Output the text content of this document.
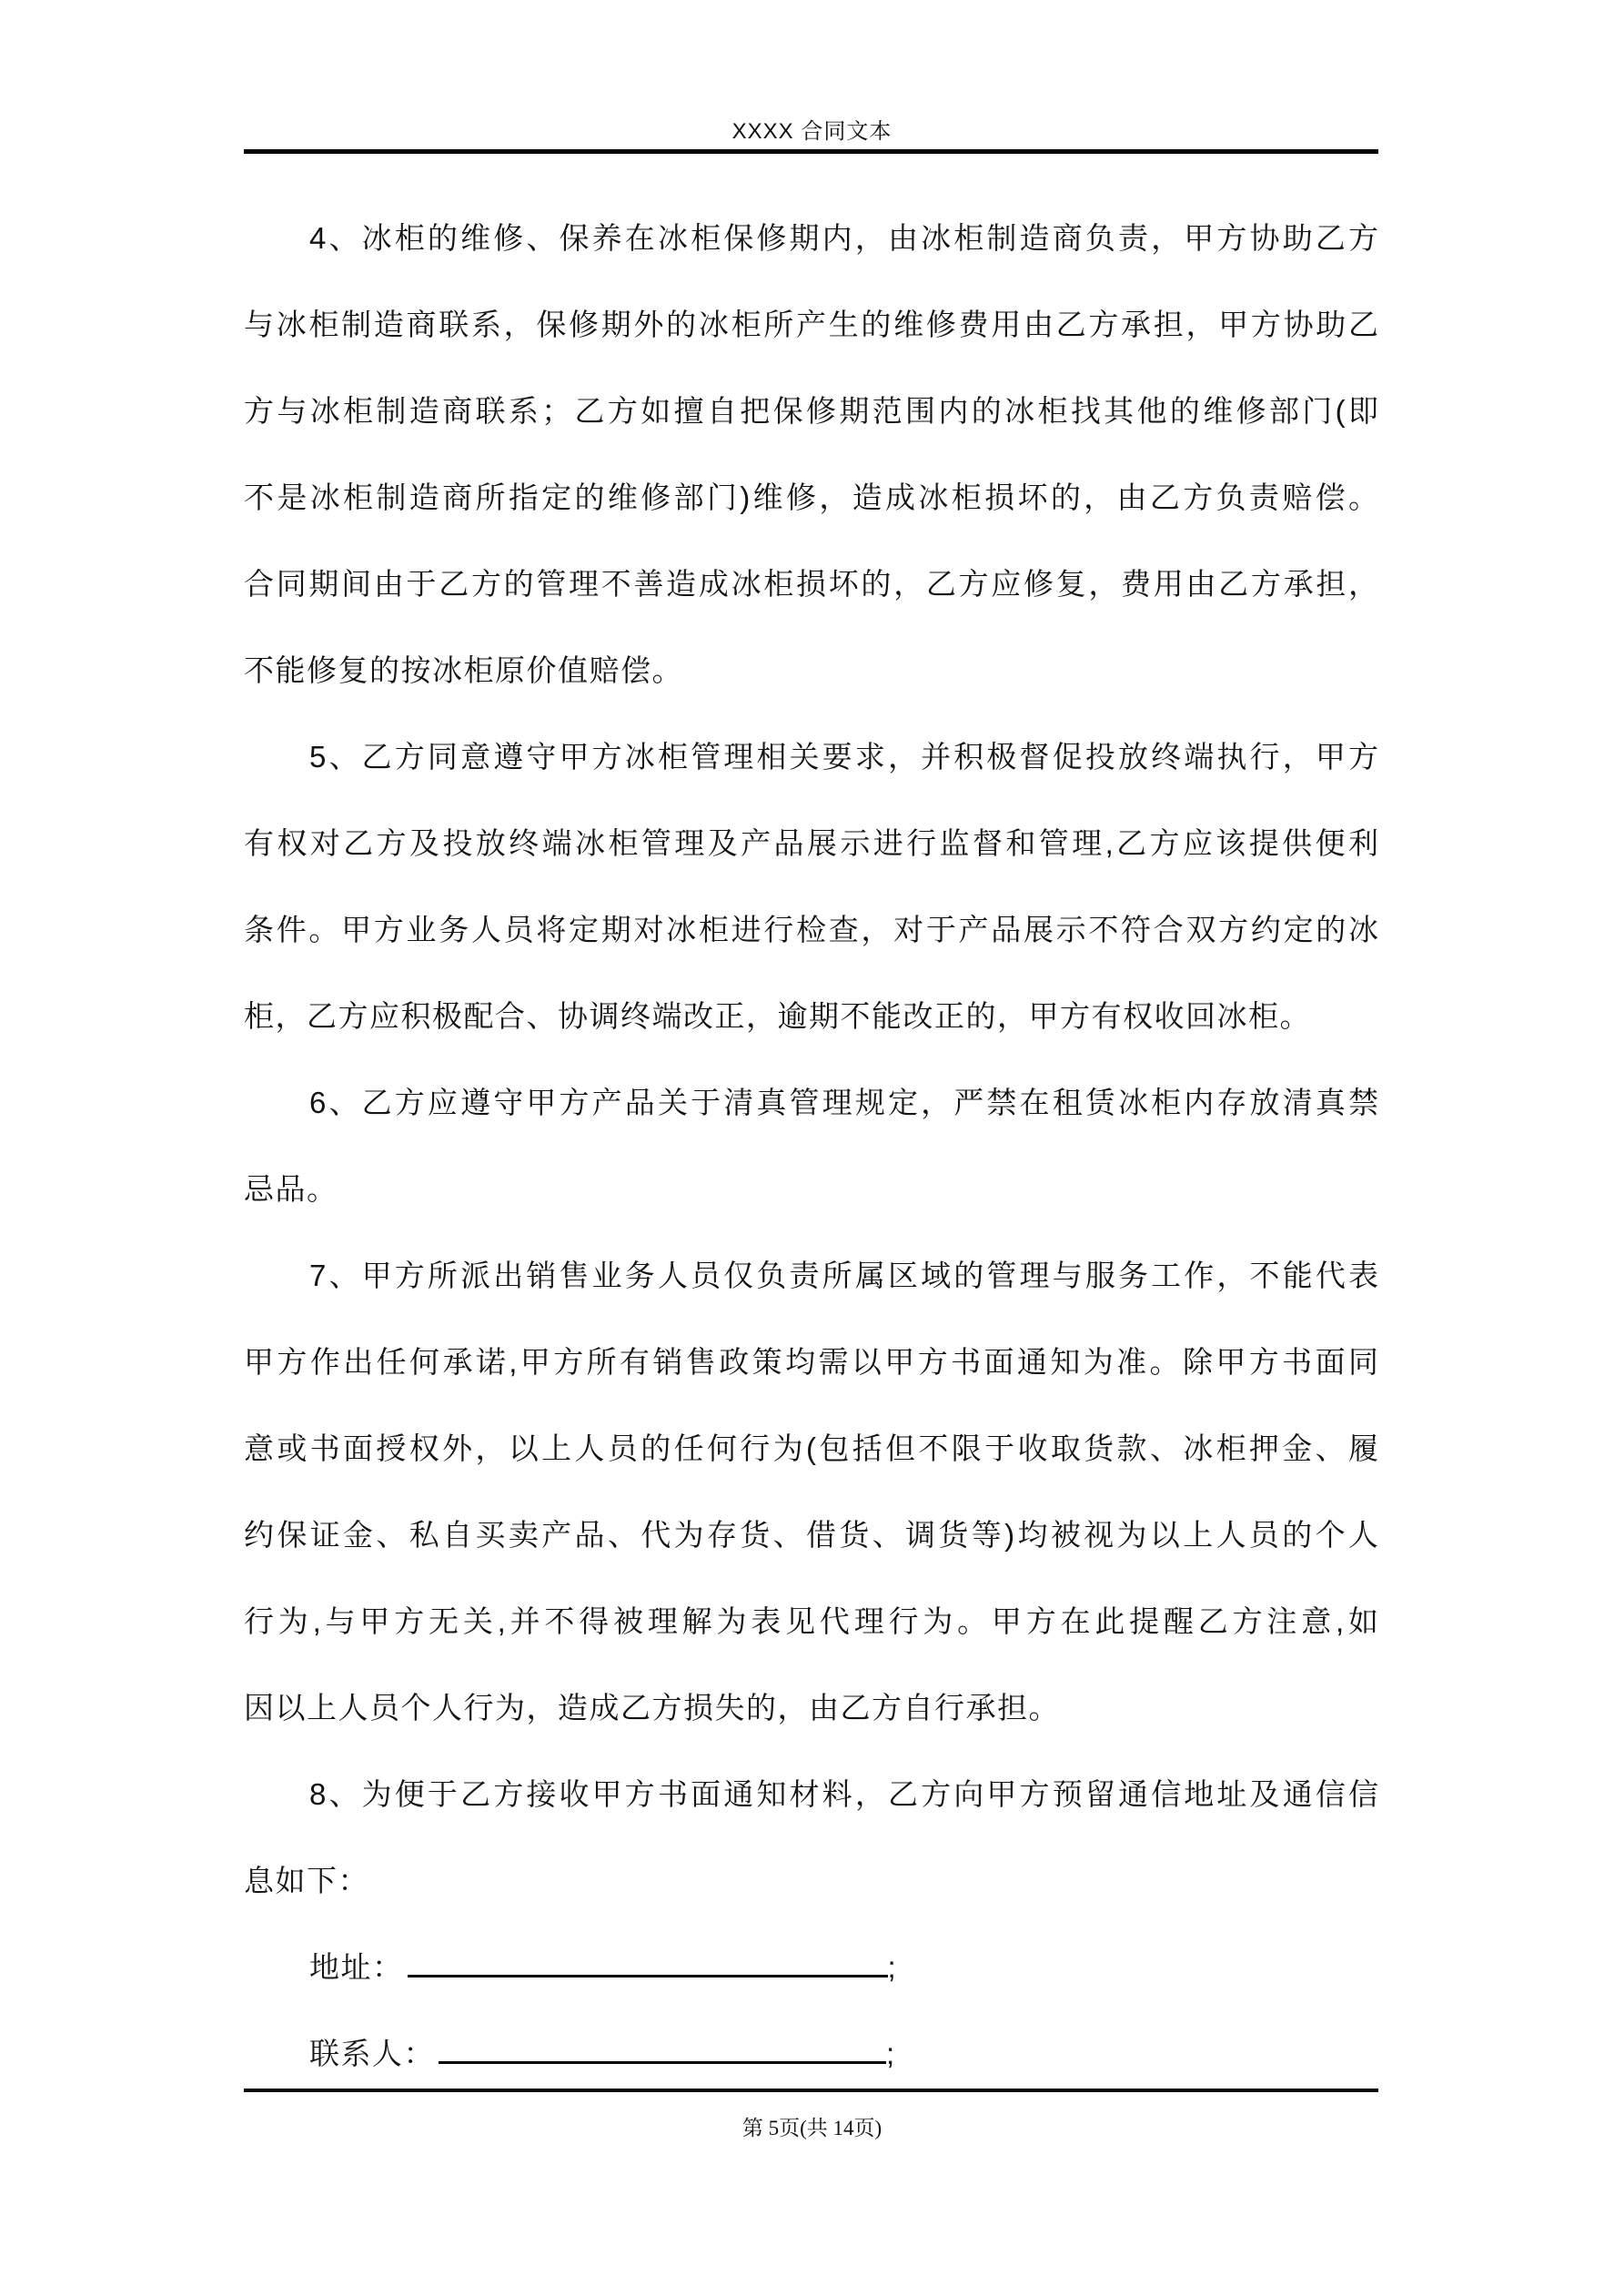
XXXX 合同文本
4、冰柜的维修、保养在冰柜保修期内，由冰柜制造商负责，甲方协助乙方
与冰柜制造商联系，保修期外的冰柜所产生的维修费用由乙方承担，甲方协助乙
方与冰柜制造商联系；乙方如擅自把保修期范围内的冰柜找其他的维修部门(即
不是冰柜制造商所指定的维修部门)维修，造成冰柜损坏的，由乙方负责赔偿。
合同期间由于乙方的管理不善造成冰柜损坏的，乙方应修复，费用由乙方承担，
不能修复的按冰柜原价值赔偿。
5、乙方同意遵守甲方冰柜管理相关要求，并积极督促投放终端执行，甲方
有权对乙方及投放终端冰柜管理及产品展示进行监督和管理,乙方应该提供便利
条件。甲方业务人员将定期对冰柜进行检查，对于产品展示不符合双方约定的冰
柜，乙方应积极配合、协调终端改正，逾期不能改正的，甲方有权收回冰柜。
6、乙方应遵守甲方产品关于清真管理规定，严禁在租赁冰柜内存放清真禁
忌品。
7、甲方所派出销售业务人员仅负责所属区域的管理与服务工作，不能代表
甲方作出任何承诺,甲方所有销售政策均需以甲方书面通知为准。除甲方书面同
意或书面授权外，以上人员的任何行为(包括但不限于收取货款、冰柜押金、履
约保证金、私自买卖产品、代为存货、借货、调货等)均被视为以上人员的个人
行为,与甲方无关,并不得被理解为表见代理行为。甲方在此提醒乙方注意,如
因以上人员个人行为，造成乙方损失的，由乙方自行承担。
8、为便于乙方接收甲方书面通知材料，乙方向甲方预留通信地址及通信信
息如下：
地址：	;
联系人：	;
第 5页(共 14页)
